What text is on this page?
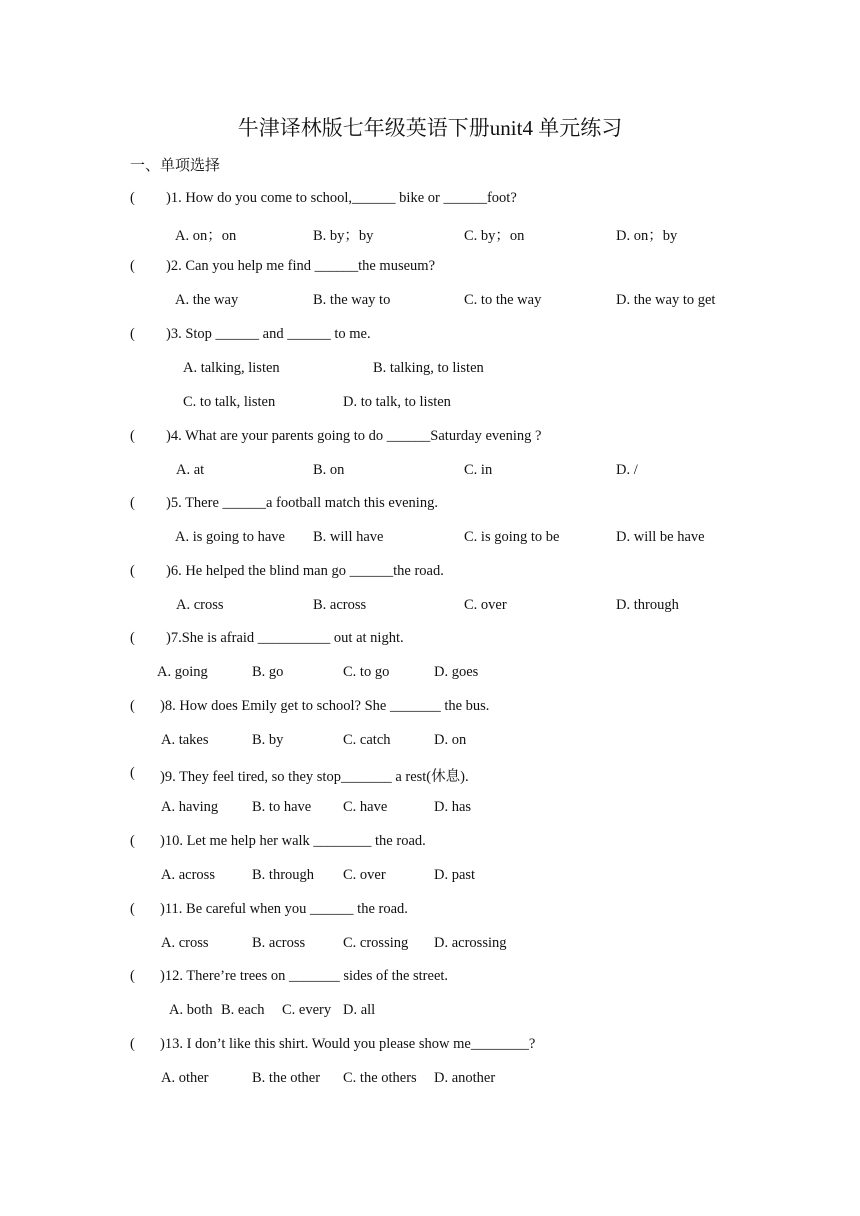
牛津译林版七年级英语下册unit4 单元练习
一、单项选择
( )1. How do you come to school,______ bike or ______foot?
A. on；on	B. by；by	C. by；on	D. on；by
( )2. Can you help me find ______the museum?
A. the way	B. the way to	C. to the way	D. the way to get
( )3. Stop ______ and ______ to me.
A. talking, listen	B. talking, to listen
C. to talk, listen	D. to talk, to listen
( )4. What are your parents going to do ______Saturday evening ?
A. at	B. on	C. in	D. /
( )5. There ______a football match this evening.
A. is going to have B. will have	C. is going to be	D. will be have
( )6. He helped the blind man go ______the road.
A. cross	B. across	C. over	D. through
( )7.She is afraid __________ out at night.
A. going	B. go	C. to go	D. goes
( )8. How does Emily get to school? She _______ the bus.
A. takes	B. by	C. catch	D. on
( )9. They feel tired, so they stop_______ a rest(休息).
A. having B. to have C. have	D. has
( )10. Let me help her walk ________ the road.
A. across	B. through C. over	D. past
( )11. Be careful when you ______ the road.
A. cross	B. across	C. crossing D. acrossing
( )12. There’re trees on _______ sides of the street.
A. both B. each C. every D. all
( )13. I don’t like this shirt. Would you please show me________?
A. other	B. the other C. the others D. another
